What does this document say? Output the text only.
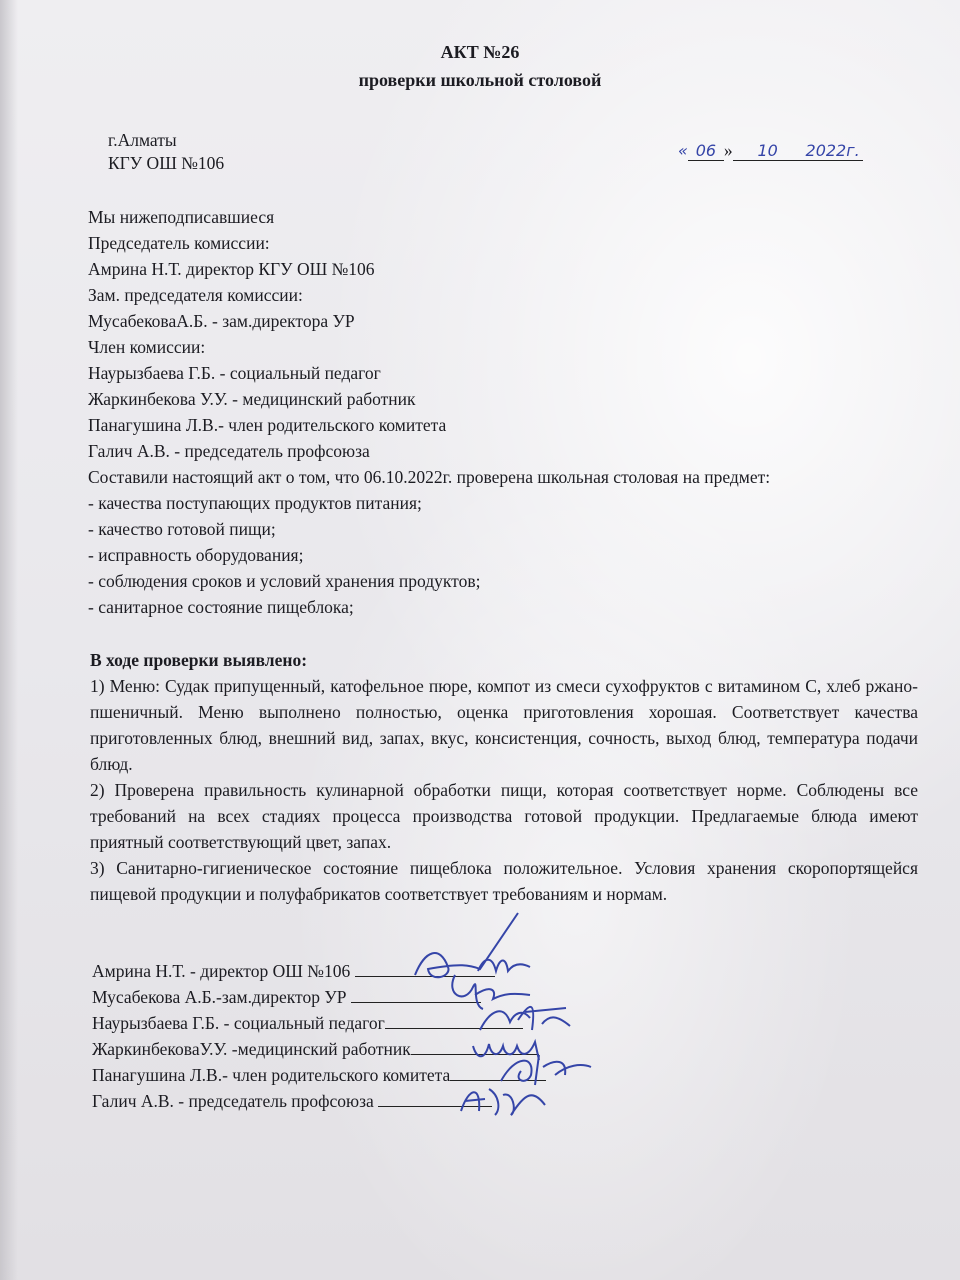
АКТ №26
проверки школьной столовой
г.Алматы
КГУ ОШ №106
« 06 » 10 2022г.
Мы нижеподписавшиеся
Председатель комиссии:
Амрина Н.Т. директор КГУ ОШ №106
Зам. председателя комиссии:
МусабековаА.Б. - зам.директора УР
Член комиссии:
Наурызбаева Г.Б. - социальный педагог
Жаркинбекова У.У. - медицинский работник
Панагушина Л.В.- член родительского комитета
Галич А.В. - председатель профсоюза
Составили настоящий акт о том, что 06.10.2022г. проверена школьная столовая на предмет:
- качества поступающих продуктов питания;
- качество готовой пищи;
- исправность оборудования;
- соблюдения сроков и условий хранения продуктов;
- санитарное состояние пищеблока;
В ходе проверки выявлено:
1) Меню: Судак припущенный, катофельное пюре, компот из смеси сухофруктов с витамином С, хлеб ржано-пшеничный. Меню выполнено полностью, оценка приготовления хорошая. Соответствует качества приготовленных блюд, внешний вид, запах, вкус, консистенция, сочность, выход блюд, температура подачи блюд.
2) Проверена правильность кулинарной обработки пищи, которая соответствует норме. Соблюдены все требований на всех стадиях процесса производства готовой продукции. Предлагаемые блюда имеют приятный соответствующий цвет, запах.
3) Санитарно-гигиеническое состояние пищеблока положительное. Условия хранения скоропортящейся пищевой продукции и полуфабрикатов соответствует требованиям и нормам.
Амрина Н.Т. - директор ОШ №106
Мусабекова А.Б.-зам.директор УР
Наурызбаева Г.Б. - социальный педагог
ЖаркинбековаУ.У. -медицинский работник
Панагушина Л.В.- член родительского комитета
Галич А.В. - председатель профсоюза
